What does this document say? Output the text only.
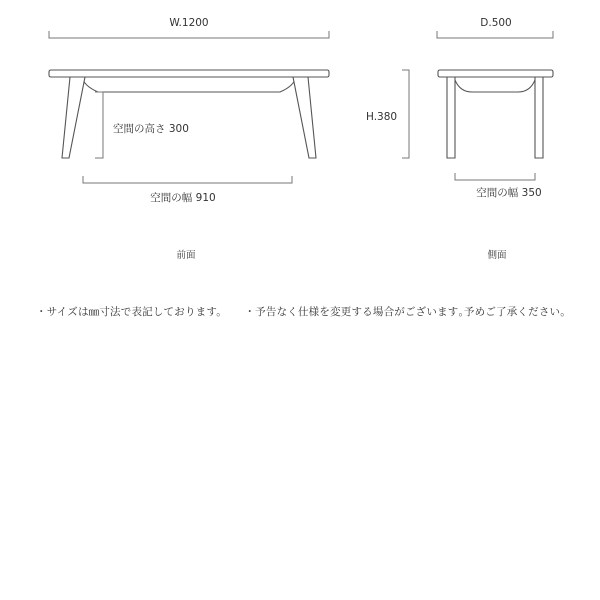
W.1200
空間の高さ 300
空間の幅 910
前面
D.500
H.380
空間の幅 350
側面
・サイズは㎜寸法で表記しております。 ・予告なく仕様を変更する場合がございます｡予めご了承ください。
